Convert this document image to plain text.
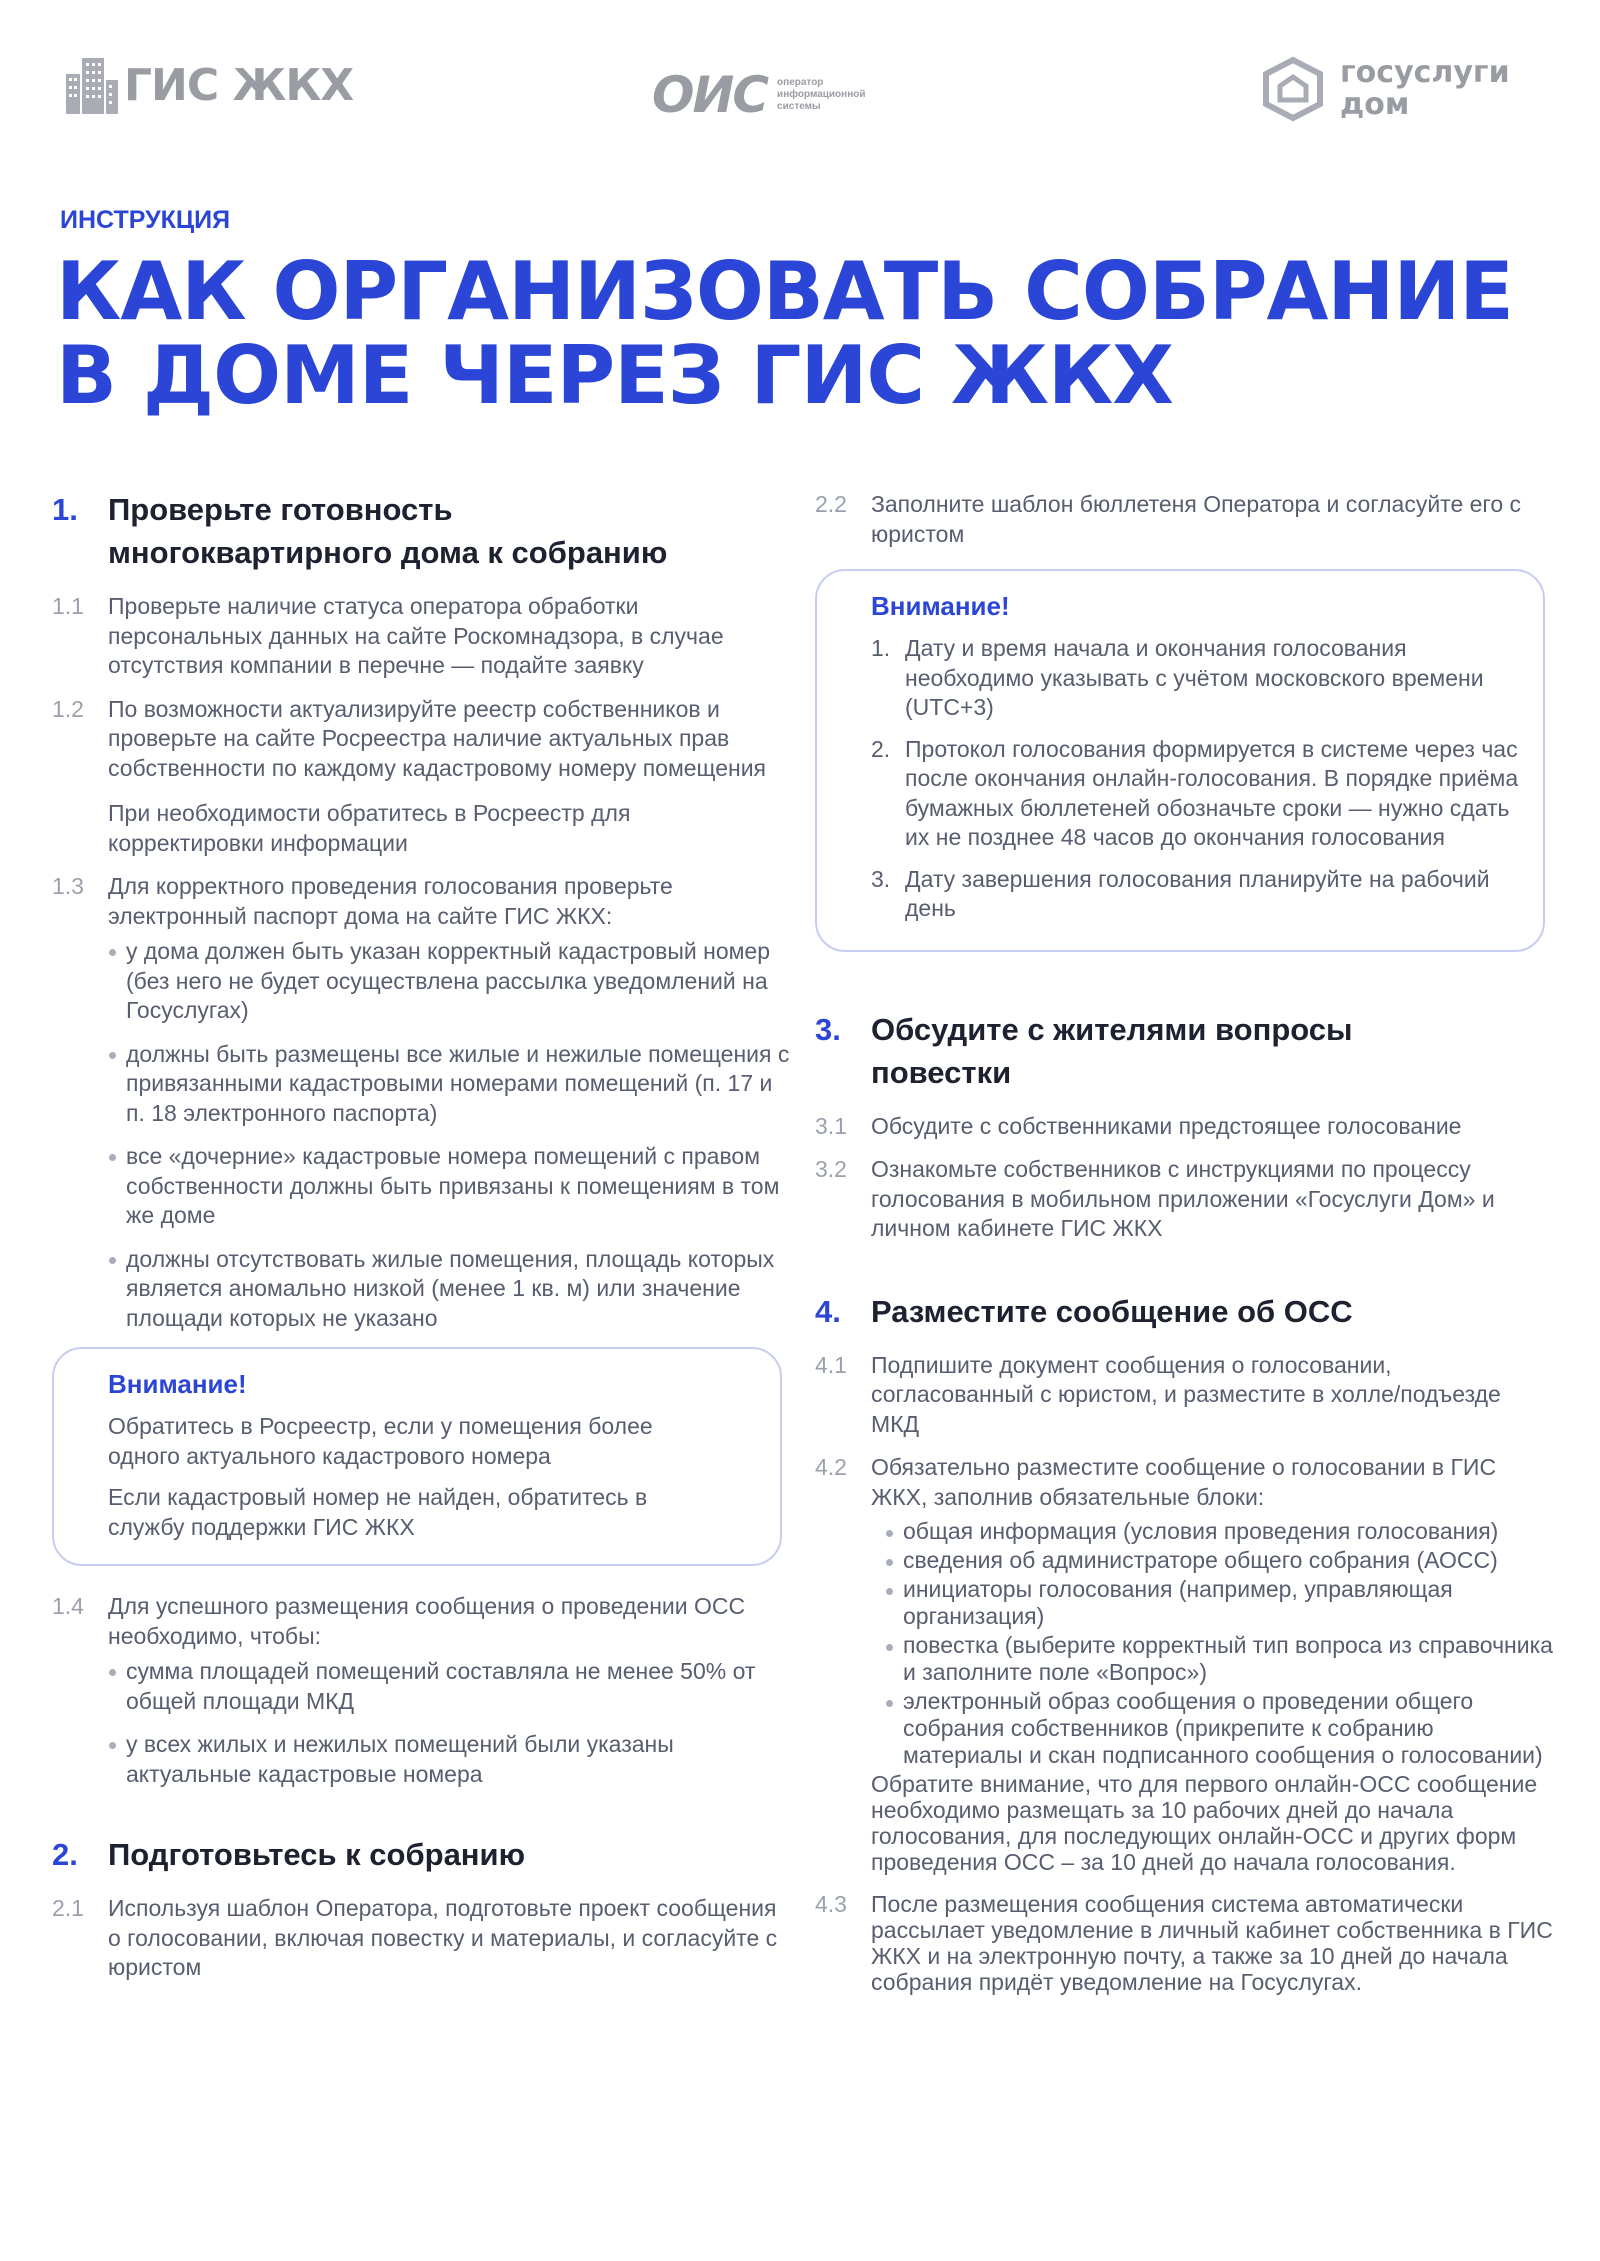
ГИС ЖКХ	ОИС оператор
информационной
системы
госуслуги
дом
ИНСТРУКЦИЯ
КАК ОРГАНИЗОВАТЬ СОБРАНИЕ
В ДОМЕ ЧЕРЕЗ ГИС ЖКХ
1. Проверьте готовность
многоквартирного дома к собранию
1.1	Проверьте наличие статуса оператора обработки персональных данных на сайте Роскомнадзора, в случае отсутствия компании в перечне — подайте заявку
1.2	По возможности актуализируйте реестр собственников и проверьте на сайте Росреестра наличие актуальных прав собственности по каждому кадастровому номеру помещения
При необходимости обратитесь в Росреестр для корректировки информации
1.3	Для корректного проведения голосования проверьте электронный паспорт дома на сайте ГИС ЖКХ:
у дома должен быть указан корректный кадастровый номер (без него не будет осуществлена рассылка уведомлений на Госуслугах)
должны быть размещены все жилые и нежилые помещения с привязанными кадастровыми номерами помещений (п. 17 и п. 18 электронного паспорта)
все «дочерние» кадастровые номера помещений с правом собственности должны быть привязаны к помещениям в том же доме
должны отсутствовать жилые помещения, площадь которых является аномально низкой (менее 1 кв. м) или значение площади которых не указано
Внимание!

Обратитесь в Росреестр, если у помещения более одного актуального кадастрового номера

Если кадастровый номер не найден, обратитесь в службу поддержки ГИС ЖКХ

1.4	Для успешного размещения сообщения о проведении ОСС необходимо, чтобы:
сумма площадей помещений составляла не менее 50% от общей площади МКД
у всех жилых и нежилых помещений были указаны актуальные кадастровые номера
2. Подготовьтесь к собранию
2.1	Используя шаблон Оператора, подготовьте проект сообщения о голосовании, включая повестку и материалы, и согласуйте с юристом
2.2	Заполните шаблон бюллетеня Оператора и согласуйте его с юристом
Внимание!
1. Дату и время начала и окончания голосования необходимо указывать с учётом московского времени (UTC+3)
2. Протокол голосования формируется в системе через час после окончания онлайн-голосования. В порядке приёма бумажных бюллетеней обозначьте сроки — нужно сдать их не позднее 48 часов до окончания голосования
3. Дату завершения голосования планируйте на рабочий день
3. Обсудите с жителями вопросы
повестки
3.1	Обсудите с собственниками предстоящее голосование
3.2	Ознакомьте собственников с инструкциями по процессу голосования в мобильном приложении «Госуслуги Дом» и личном кабинете ГИС ЖКХ
4. Разместите сообщение об ОСС
4.1	Подпишите документ сообщения о голосовании, согласованный с юристом, и разместите в холле/подъезде МКД
4.2	Обязательно разместите сообщение о голосовании в ГИС ЖКХ, заполнив обязательные блоки:
общая информация (условия проведения голосования)
сведения об администраторе общего собрания (АОСС)
инициаторы голосования (например, управляющая организация)
повестка (выберите корректный тип вопроса из справочника и заполните поле «Вопрос»)
электронный образ сообщения о проведении общего собрания собственников (прикрепите к собранию материалы и скан подписанного сообщения о голосовании)
Обратите внимание, что для первого онлайн-ОСС сообщение необходимо размещать за 10 рабочих дней до начала голосования, для последующих онлайн-ОСС и других форм проведения ОСС – за 10 дней до начала голосования.
4.3	После размещения сообщения система автоматически рассылает уведомление в личный кабинет собственника в ГИС ЖКХ и на электронную почту, а также за 10 дней до начала собрания придёт уведомление на Госуслугах.
